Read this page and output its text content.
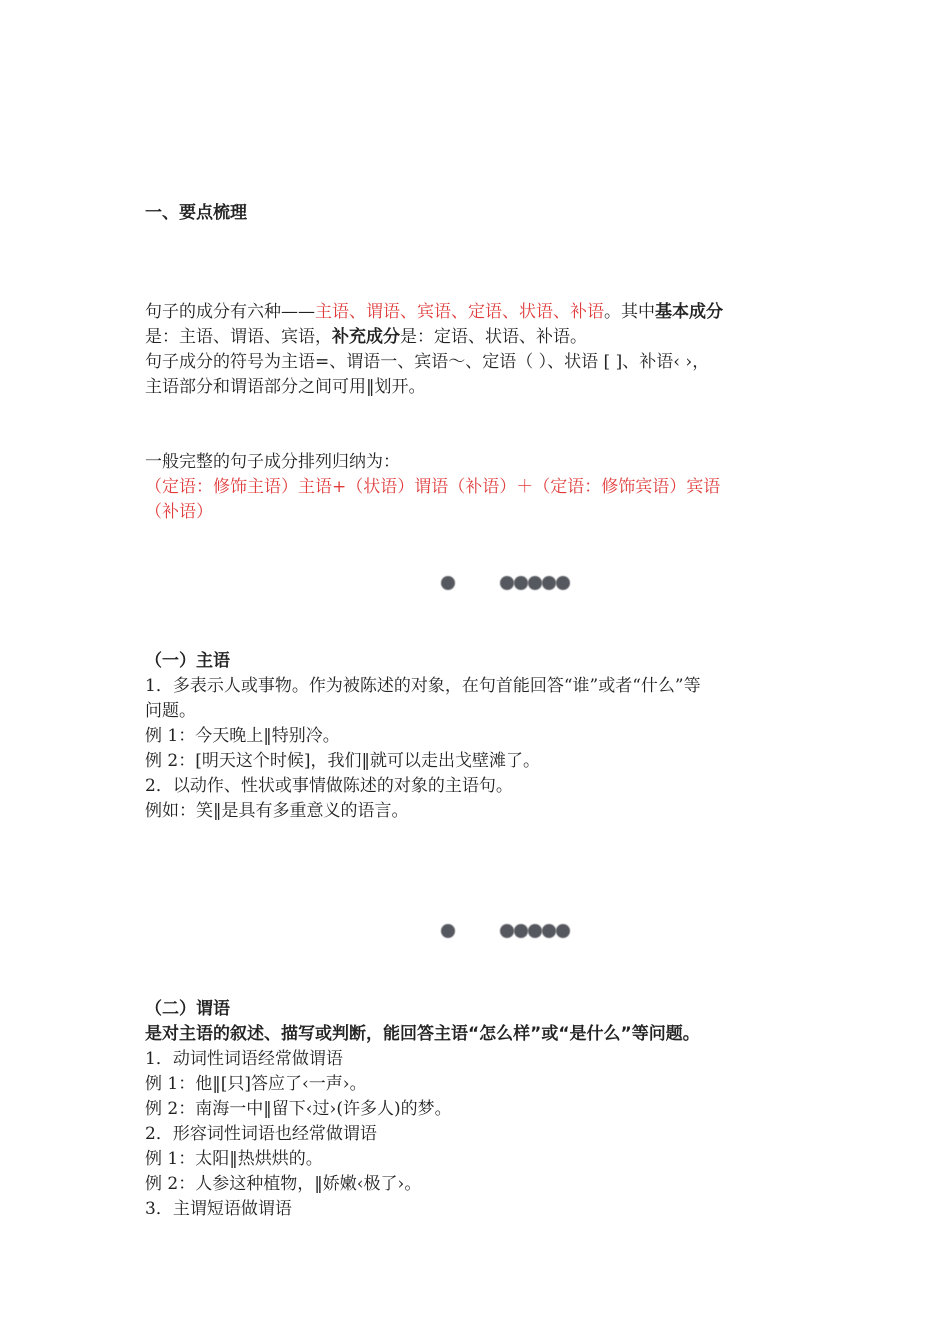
一、要点梳理
句子的成分有六种——主语、谓语、宾语、定语、状语、补语。其中基本成分
是：主语、谓语、宾语，补充成分是：定语、状语、补语。
句子成分的符号为主语=、谓语一、宾语～、定语（ ）、状语 [ ]、补语‹ ›，
主语部分和谓语部分之间可用‖划开。
一般完整的句子成分排列归纳为：
（定语：修饰主语）主语+（状语）谓语（补语）＋（定语：修饰宾语）宾语
（补语）
（一）主语
1．多表示人或事物。作为被陈述的对象，在句首能回答“谁”或者“什么”等
问题。
例 1：今天晚上‖特别冷。
例 2：[明天这个时候]，我们‖就可以走出戈壁滩了。
2．以动作、性状或事情做陈述的对象的主语句。
例如：笑‖是具有多重意义的语言。
（二）谓语
是对主语的叙述、描写或判断，能回答主语“怎么样”或“是什么”等问题。
1．动词性词语经常做谓语
例 1：他‖[只]答应了‹一声›。
例 2：南海一中‖留下‹过›(许多人)的梦。
2．形容词性词语也经常做谓语
例 1：太阳‖热烘烘的。
例 2：人参这种植物，‖娇嫩‹极了›。
3．主谓短语做谓语
